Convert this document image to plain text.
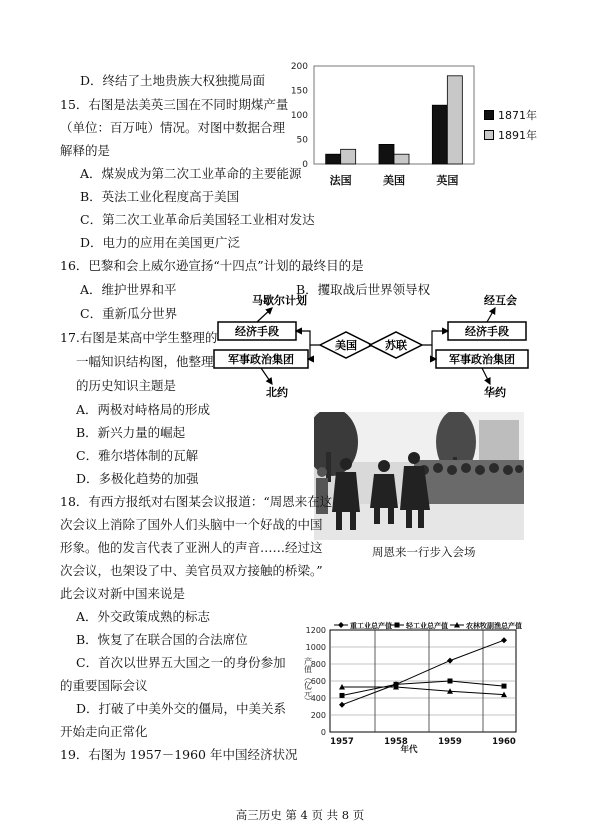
D．终结了土地贵族大权独揽局面
15．右图是法美英三国在不同时期煤产量
（单位：百万吨）情况。对图中数据合理
解释的是
A．煤炭成为第二次工业革命的主要能源
B．英法工业化程度高于美国
C．第二次工业革命后美国轻工业相对发达
D．电力的应用在美国更广泛
0
50
100
150
200
法国	美国	英国
1871年
1891年
16．巴黎和会上威尔逊宣扬“十四点”计划的最终目的是
A．维护世界和平	B．攫取战后世界领导权
C．重新瓜分世界
17.右图是某高中学生整理的
一幅知识结构图，他整理
的历史知识主题是
A．两极对峙格局的形成
B．新兴力量的崛起
C．雅尔塔体制的瓦解
D．多极化趋势的加强
马歇尔计划	经互会
经济手段
军事政治集团
经济手段
军事政治集团
美国	苏联
北约	华约
周恩来一行步入会场
18．有西方报纸对右图某会议报道：“周恩来在这
次会议上消除了国外人们头脑中一个好战的中国
形象。他的发言代表了亚洲人的声音……经过这
次会议，也架设了中、美官员双方接触的桥梁。”
此会议对新中国来说是
A．外交政策成熟的标志
B．恢复了在联合国的合法席位
C．首次以世界五大国之一的身份参加
的重要国际会议
D．打破了中美外交的僵局，中美关系
开始走向正常化
19．右图为 1957－1960 年中国经济状况
0
200
400
600
800
1000
1200
1957	1958	1959	1960
年代
产值（亿元）
重工业总产值 轻工业总产值	农林牧副渔总产值
高三历史 第 4 页 共 8 页
